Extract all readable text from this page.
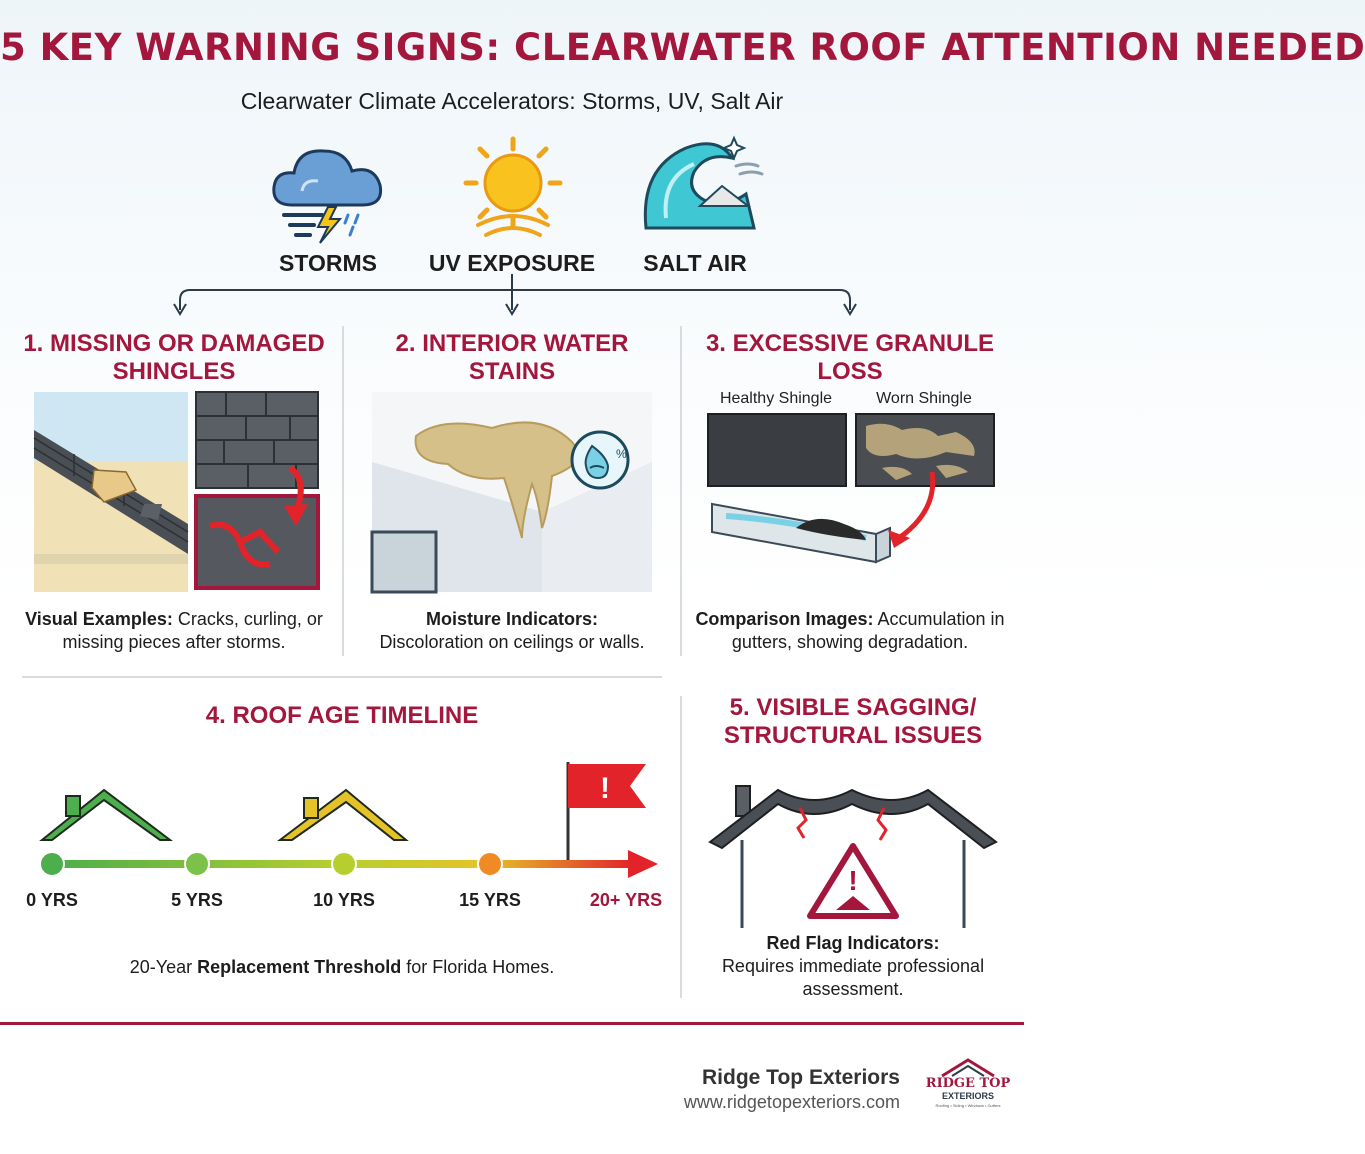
5 KEY WARNING SIGNS: CLEARWATER ROOF ATTENTION NEEDED
Clearwater Climate Accelerators: Storms, UV, Salt Air
STORMS	UV EXPOSURE	SALT AIR
1. MISSING OR DAMAGED SHINGLES
Visual Examples: Cracks, curling, or missing pieces after storms.
2. INTERIOR WATER STAINS
%
Moisture Indicators:
Discoloration on ceilings or walls.
3. EXCESSIVE GRANULE LOSS
Healthy Shingle	Worn Shingle
Comparison Images: Accumulation in gutters, showing degradation.
4. ROOF AGE TIMELINE
!
0 YRS	5 YRS	10 YRS	15 YRS	20+ YRS
20-Year Replacement Threshold for Florida Homes.
5. VISIBLE SAGGING/ STRUCTURAL ISSUES
!
Red Flag Indicators:
Requires immediate professional assessment.
Ridge Top Exteriors
www.ridgetopexteriors.com
RIDGE TOP
EXTERIORS
Roofing • Siding • Windows • Gutters
